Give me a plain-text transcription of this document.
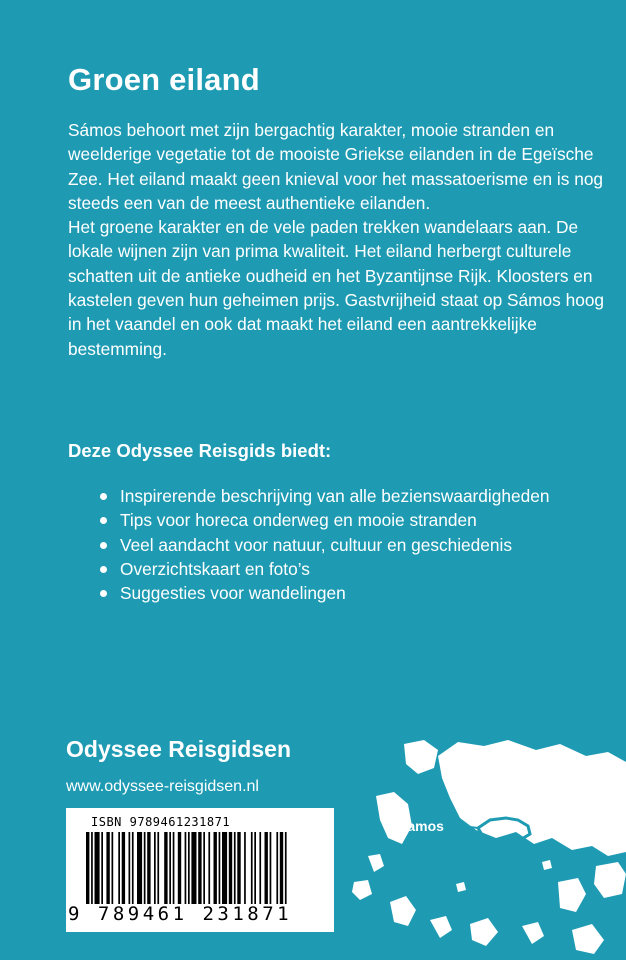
Groen eiland

Sámos behoort met zijn bergachtig karakter, mooie stranden en weelderige vegetatie tot de mooiste Griekse eilanden in de Egeïsche Zee. Het eiland maakt geen knieval voor het massatoerisme en is nog steeds een van de meest authentieke eilanden.

Het groene karakter en de vele paden trekken wandelaars aan. De lokale wijnen zijn van prima kwaliteit. Het eiland herbergt culturele schatten uit de antieke oudheid en het Byzantijnse Rijk. Kloosters en kastelen geven hun geheimen prijs. Gastvrijheid staat op Sámos hoog in het vaandel en ook dat maakt het eiland een aantrekkelijke bestemming.

Deze Odyssee Reisgids biedt:
Inspirerende beschrijving van alle bezienswaardigheden
Tips voor horeca onderweg en mooie stranden
Veel aandacht voor natuur, cultuur en geschiedenis
Overzichtskaart en foto’s
Suggesties voor wandelingen
Odyssee Reisgidsen
www.odyssee-reisgidsen.nl
ISBN 9789461231871
9 789461 231871
Samos
